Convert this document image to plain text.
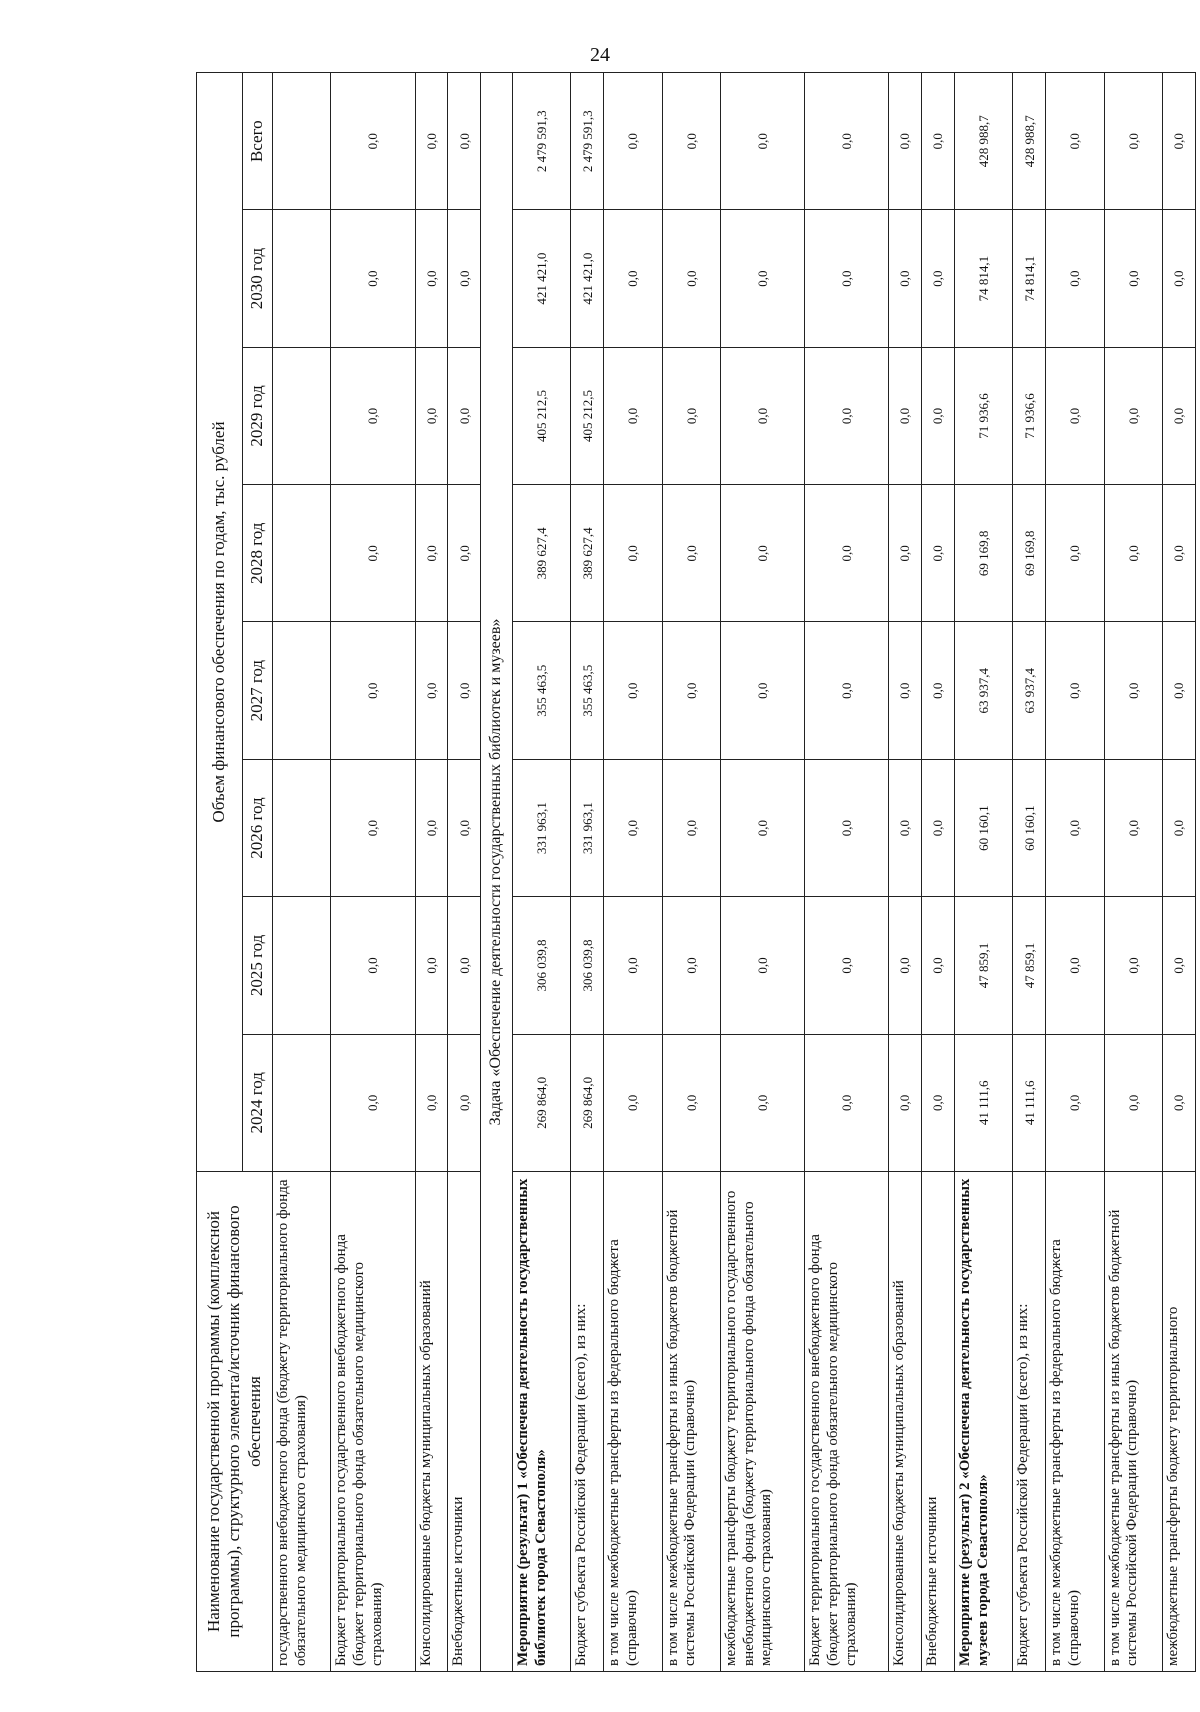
24
Наименование государственной программы (комплексной программы), структурного элемента/источник финансового обеспечения	Объем финансового обеспечения по годам, тыс. рублей							
	2024 год	2025 год	2026 год	2027 год	2028 год	2029 год	2030 год	Всего
государственного внебюджетного фонда (бюджету территориального фонда обязательного медицинского страхования)								
Бюджет территориального государственного внебюджетного фонда (бюджет территориального фонда обязательного медицинского страхования)	0,0	0,0	0,0	0,0	0,0	0,0	0,0	0,0
Консолидированные бюджеты муниципальных образований	0,0	0,0	0,0	0,0	0,0	0,0	0,0	0,0
Внебюджетные источники	0,0	0,0	0,0	0,0	0,0	0,0	0,0	0,0
Задача «Обеспечение деятельности государственных библиотек и музеев»								
Мероприятие (результат) 1 «Обеспечена деятельность государственных библиотек города Севастополя»	269 864,0	306 039,8	331 963,1	355 463,5	389 627,4	405 212,5	421 421,0	2 479 591,3
Бюджет субъекта Российской Федерации (всего), из них:	269 864,0	306 039,8	331 963,1	355 463,5	389 627,4	405 212,5	421 421,0	2 479 591,3
в том числе межбюджетные трансферты из федерального бюджета (справочно)	0,0	0,0	0,0	0,0	0,0	0,0	0,0	0,0
в том числе межбюджетные трансферты из иных бюджетов бюджетной системы Российской Федерации (справочно)	0,0	0,0	0,0	0,0	0,0	0,0	0,0	0,0
межбюджетные трансферты бюджету территориального государственного внебюджетного фонда (бюджету территориального фонда обязательного медицинского страхования)	0,0	0,0	0,0	0,0	0,0	0,0	0,0	0,0
Бюджет территориального государственного внебюджетного фонда (бюджет территориального фонда обязательного медицинского страхования)	0,0	0,0	0,0	0,0	0,0	0,0	0,0	0,0
Консолидированные бюджеты муниципальных образований	0,0	0,0	0,0	0,0	0,0	0,0	0,0	0,0
Внебюджетные источники	0,0	0,0	0,0	0,0	0,0	0,0	0,0	0,0
Мероприятие (результат) 2 «Обеспечена деятельность государственных музеев города Севастополя»	41 111,6	47 859,1	60 160,1	63 937,4	69 169,8	71 936,6	74 814,1	428 988,7
Бюджет субъекта Российской Федерации (всего), из них:	41 111,6	47 859,1	60 160,1	63 937,4	69 169,8	71 936,6	74 814,1	428 988,7
в том числе межбюджетные трансферты из федерального бюджета (справочно)	0,0	0,0	0,0	0,0	0,0	0,0	0,0	0,0
в том числе межбюджетные трансферты из иных бюджетов бюджетной системы Российской Федерации (справочно)	0,0	0,0	0,0	0,0	0,0	0,0	0,0	0,0
межбюджетные трансферты бюджету территориального	0,0	0,0	0,0	0,0	0,0	0,0	0,0	0,0
